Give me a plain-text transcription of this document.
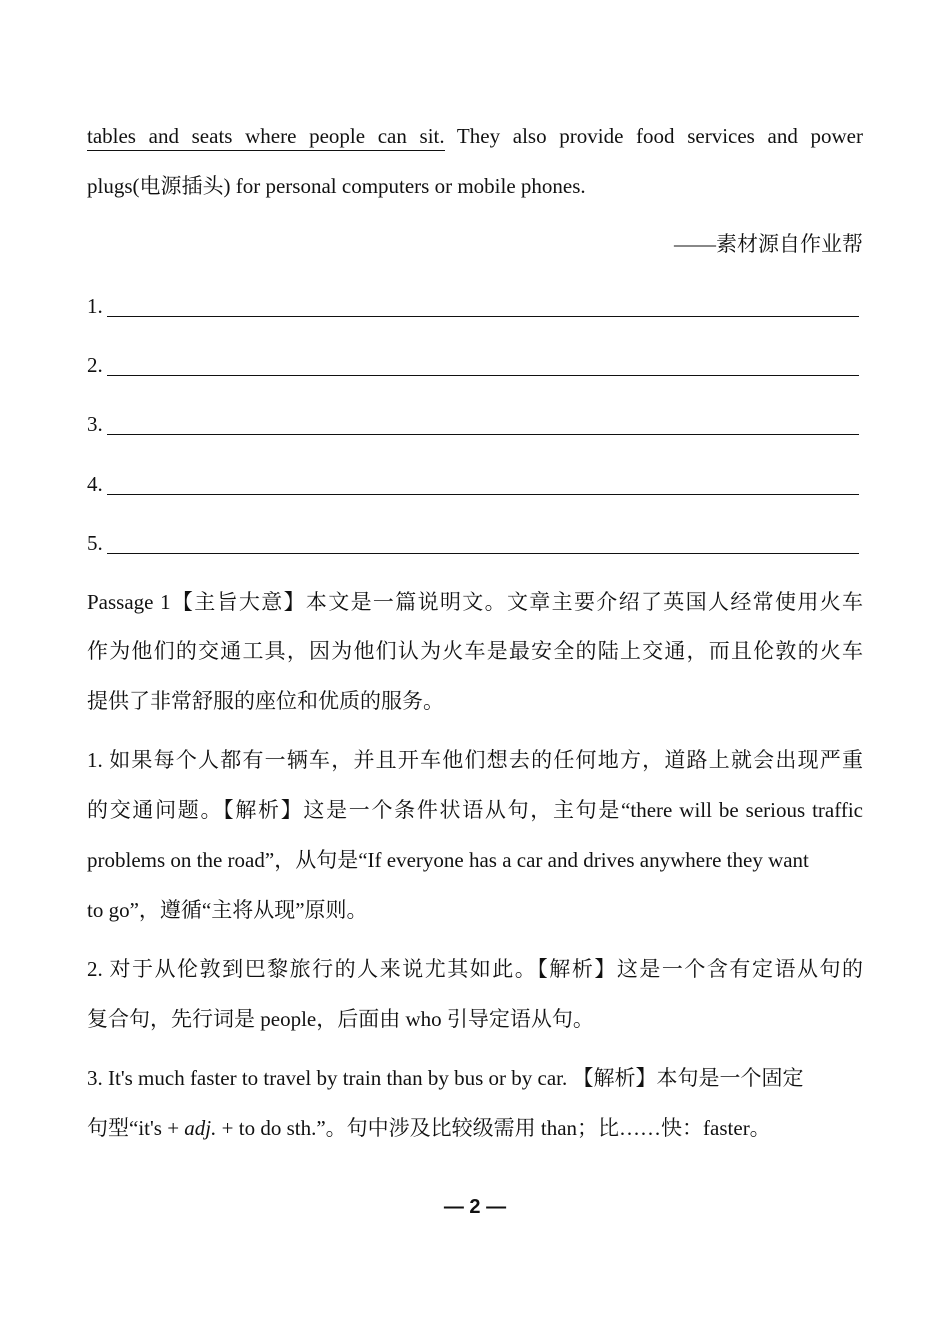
tables and seats where people can sit. They also provide food services and power
plugs(电源插头) for personal computers or mobile phones.
——素材源自作业帮
1.
2.
3.
4.
5.
Passage 1【主旨大意】本文是一篇说明文。文章主要介绍了英国人经常使用火车
作为他们的交通工具，因为他们认为火车是最安全的陆上交通，而且伦敦的火车
提供了非常舒服的座位和优质的服务。
1. 如果每个人都有一辆车，并且开车他们想去的任何地方，道路上就会出现严重
的交通问题。【解析】这是一个条件状语从句，主句是“there will be serious traffic
problems on the road”，从句是“If everyone has a car and drives anywhere they want
to go”，遵循“主将从现”原则。
2. 对于从伦敦到巴黎旅行的人来说尤其如此。【解析】这是一个含有定语从句的
复合句，先行词是 people，后面由 who 引导定语从句。
3. It's much faster to travel by train than by bus or by car. 【解析】本句是一个固定
句型“it's + adj. + to do sth.”。句中涉及比较级需用 than；比……快：faster。
— 2 —
